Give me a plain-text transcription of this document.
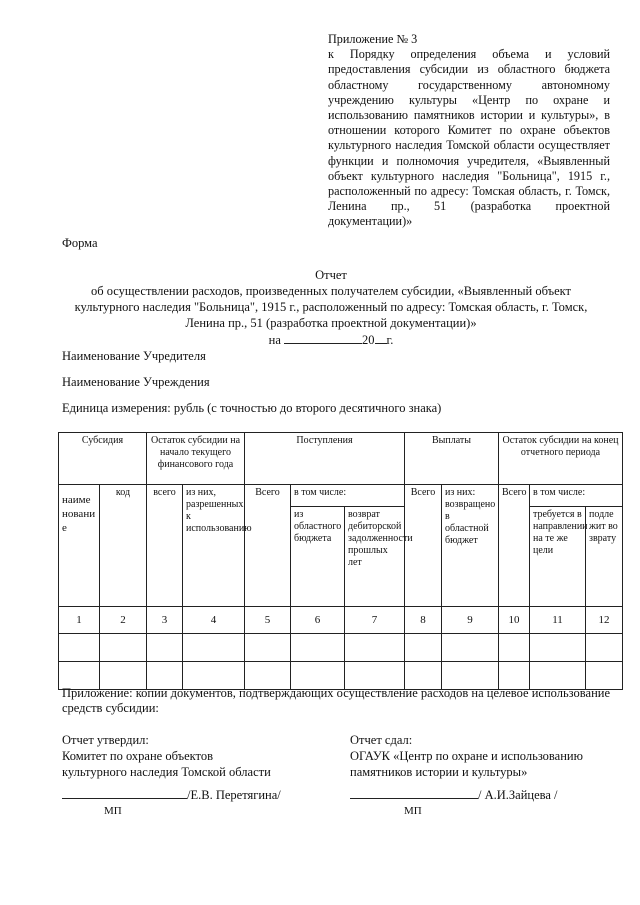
Приложение № 3
к Порядку определения объема и условий предоставления субсидии из областного бюджета областному государственному автономному учреждению культуры «Центр по охране и использованию памятников истории и культуры», в отношении которого Комитет по охране объектов культурного наследия Томской области осуществляет функции и полномочия учредителя, «Выявленный объект культурного наследия "Больница", 1915 г., расположенный по адресу: Томская область, г. Томск, Ленина пр., 51 (разработка проектной документации)»
Форма
Отчет
об осуществлении расходов, произведенных получателем субсидии, «Выявленный объект
культурного наследия "Больница", 1915 г., расположенный по адресу: Томская область, г. Томск,
Ленина пр., 51 (разработка проектной документации)»
на	20 г.
Наименование Учредителя
Наименование Учреждения
Единица измерения: рубль (с точностью до второго десятичного знака)
Субсидия		Остаток субсидии на начало текущего финансового года		Поступления			Выплаты		Остаток субсидии на конец отчетного периода		
наименование	код	всего	из них, разрешенных к использованию	Всего	в том числе:		Всего	из них: возвращено в областной бюджет	Всего	в том числе:	
					из областного бюджета	возврат дебиторской задолженности прошлых лет				требуется в направлении на те же цели	подлежит возврату
1	2	3	4	5	6	7	8	9	10	11	12

Приложение: копии документов, подтверждающих осуществление расходов на целевое использование средств субсидии:
Отчет утвердил:
Комитет по охране объектов
культурного наследия Томской области
/Е.В. Перетягина/
МП
Отчет сдал:
ОГАУК «Центр по охране и использованию
памятников истории и культуры»
/ А.И.Зайцева /
МП
